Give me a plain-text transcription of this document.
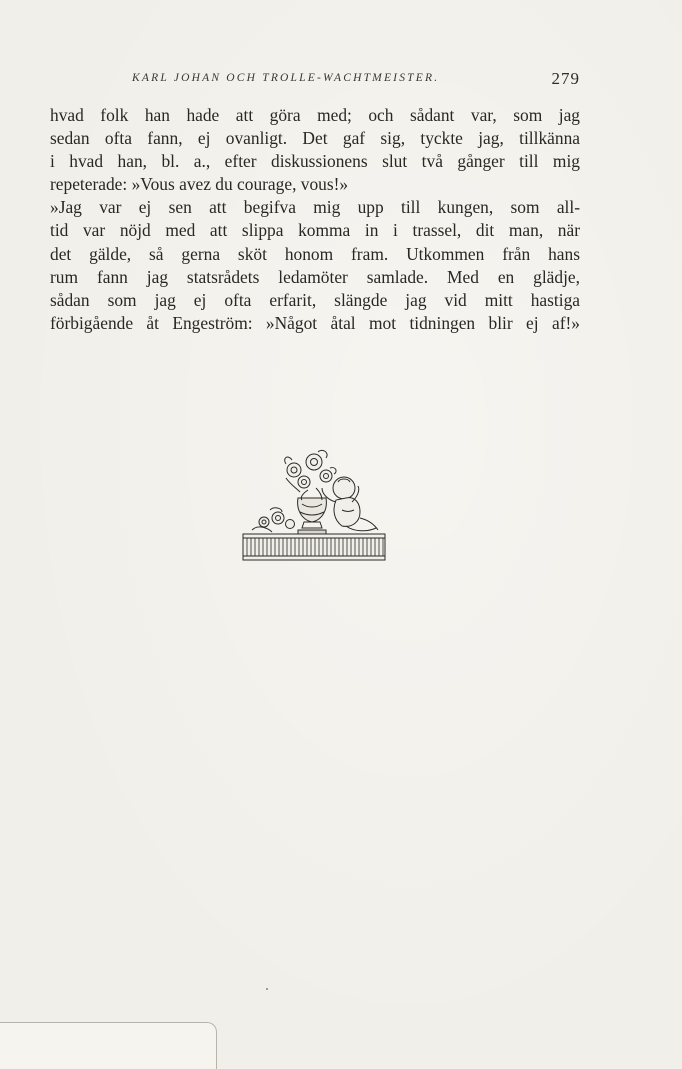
KARL JOHAN OCH TROLLE-WACHTMEISTER.	279
hvad folk han hade att göra med; och sådant var, som jag
sedan ofta fann, ej ovanligt. Det gaf sig, tyckte jag, tillkänna
i hvad han, bl. a., efter diskussionens slut två gånger till mig
repeterade: »Vous avez du courage, vous!»
»Jag var ej sen att begifva mig upp till kungen, som all-
tid var nöjd med att slippa komma in i trassel, dit man, när
det gälde, så gerna sköt honom fram. Utkommen från hans
rum fann jag statsrådets ledamöter samlade. Med en glädje,
sådan som jag ej ofta erfarit, slängde jag vid mitt hastiga
förbigående åt Engeström: »Något åtal mot tidningen blir ej af!»
